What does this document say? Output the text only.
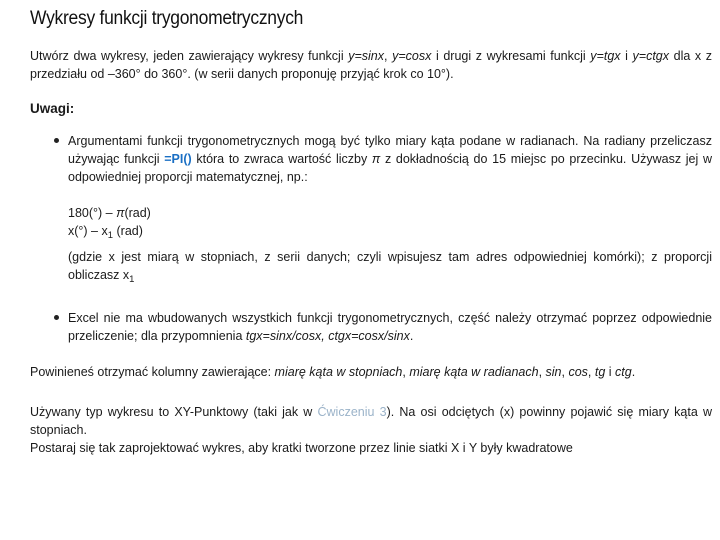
Wykresy funkcji trygonometrycznych

Utwórz dwa wykresy, jeden zawierający wykresy funkcji y=sinx, y=cosx i drugi z wykresami funkcji y=tgx i y=ctgx dla x z przedziału od –360° do 360°. (w serii danych proponuję przyjąć krok co 10°).

Uwagi:

Argumentami funkcji trygonometrycznych mogą być tylko miary kąta podane w radianach. Na radiany przeliczasz używając funkcji =PI() która to zwraca wartość liczby π z dokładnością do 15 miejsc po przecinku. Używasz jej w odpowiedniej proporcji matematycznej, np.:

180(°) – π(rad)

$x(^\circ) - x_1$ (rad)

(gdzie x jest miarą w stopniach, z serii danych; czyli wpisujesz tam adres odpowiedniej komórki); z proporcji obliczasz $x_1$

Excel nie ma wbudowanych wszystkich funkcji trygonometrycznych, część należy otrzymać poprzez odpowiednie przeliczenie; dla przypomnienia tgx=sinx/cosx, ctgx=cosx/sinx.

Powinieneś otrzymać kolumny zawierające: miarę kąta w stopniach, miarę kąta w radianach, sin, cos, tg i ctg.

Używany typ wykresu to XY-Punktowy (taki jak w Ćwiczeniu 3). Na osi odciętych (x) powinny pojawić się miary kąta w stopniach.

Postaraj się tak zaprojektować wykres, aby kratki tworzone przez linie siatki X i Y były kwadratowe
